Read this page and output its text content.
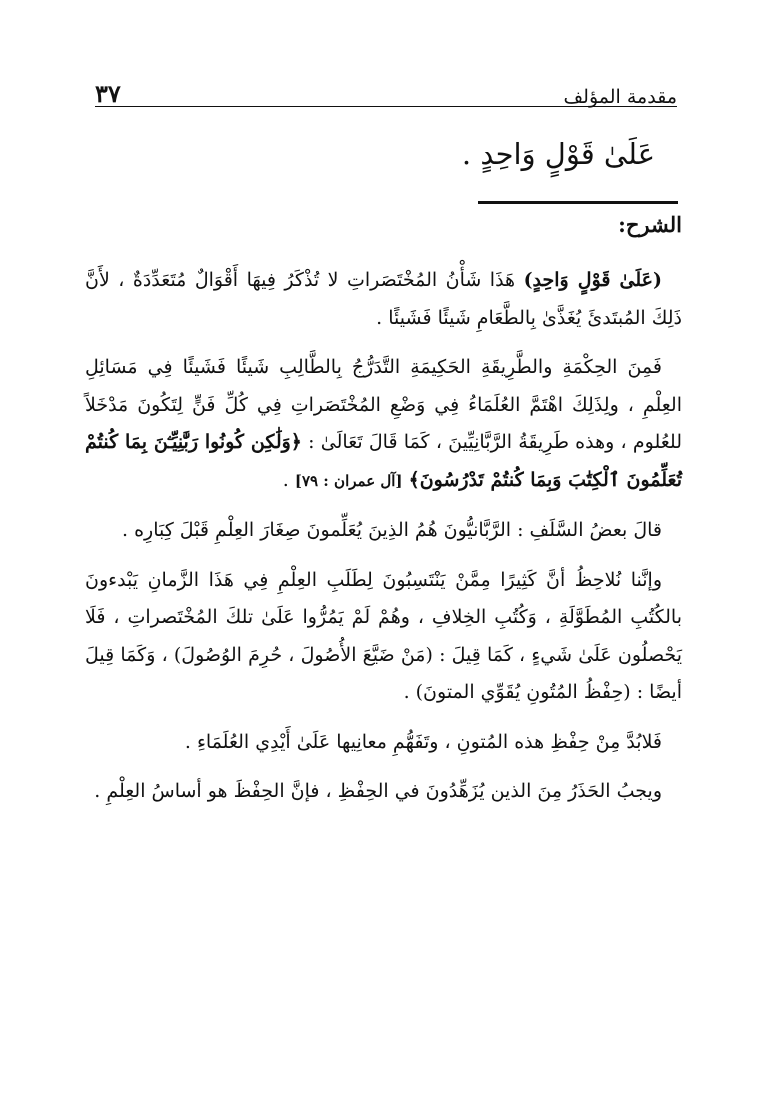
مقدمة المؤلف
٣٧
عَلَىٰ قَوْلٍ وَاحِدٍ .
الشرح:

(عَلَىٰ قَوْلٍ وَاحِدٍ) هَذَا شَأْنُ المُخْتَصَراتِ لا تُذْكَرُ فِيهَا أَقْوَالٌ مُتَعَدِّدَةٌ ، لأَنَّ ذَلِكَ المُبتَدئَ يُغَذَّىٰ بِالطَّعَامِ شَيئًا فَشَيئًا .

فَمِنَ الحِكْمَةِ والطَّرِيقَةِ الحَكِيمَةِ التَّدَرُّجُ بِالطَّالِبِ شَيئًا فَشَيئًا فِي مَسَائِلِ العِلْمِ ، ولِذَلِكَ اهْتَمَّ العُلَمَاءُ فِي وَضْعِ المُخْتَصَراتِ فِي كُلِّ فَنٍّ لِتَكُونَ مَدْخَلاً للعُلوم ، وهذه طَرِيقَةُ الرَّبَّانِيِّينَ ، كَمَا قَالَ تَعَالَىٰ : ﴿وَلَٰكِن كُونُوا رَبَّٰنِيِّـۧنَ بِمَا كُنتُمْ تُعَلِّمُونَ ٱلْكِتَٰبَ وَبِمَا كُنتُمْ تَدْرُسُونَ﴾ [آل عمران : ٧٩] .

قالَ بعضُ السَّلَفِ : الرَّبَّانيُّونَ هُمُ الذِينَ يُعَلِّمونَ صِغَارَ العِلْمِ قَبْلَ كِبَارِه .

وإنَّنا نُلاحِظُ أنَّ كَثِيرًا مِمَّنْ يَنْتَسِبُونَ لِطَلَبِ العِلْمِ فِي هَذَا الزَّمانِ يَبْدءونَ بالكُتُبِ المُطَوَّلَةِ ، وَكُتُبِ الخِلافِ ، وهُمْ لَمْ يَمُرُّوا عَلَىٰ تلكَ المُخْتَصراتِ ، فَلَا يَحْصلُون عَلَىٰ شَيءٍ ، كَمَا قِيلَ : (مَنْ ضَيَّعَ الأُصُولَ ، حُرِمَ الوُصُولَ) ، وَكَمَا قِيلَ أيضًا : (حِفْظُ المُتُونِ يُقَوِّي المتونَ) .

فَلابُدَّ مِنْ حِفْظِ هذه المُتونِ ، وتَفَهُّمِ معانِيها عَلَىٰ أَيْدِي العُلَمَاءِ .

ويجبُ الحَذَرُ مِنَ الذين يُزَهِّدُونَ في الحِفْظِ ، فإنَّ الحِفْظَ هو أساسُ العِلْمِ .
